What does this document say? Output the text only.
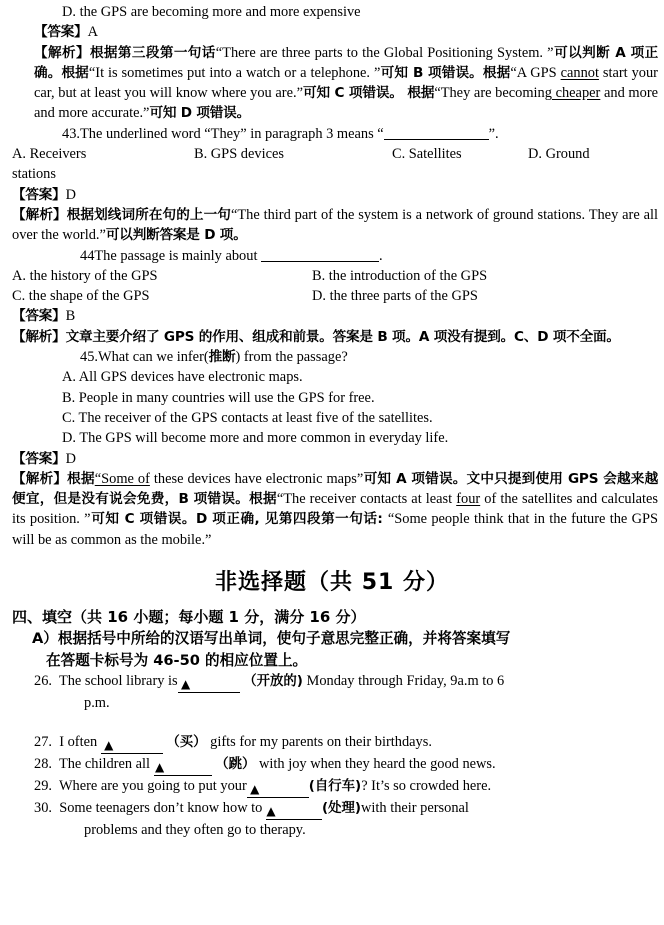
D. the GPS are becoming more and more expensive
【答案】A
【解析】根据第三段第一句话“There are three parts to the Global Positioning System. ”可以判断 A 项正确。根据“It is sometimes put into a watch or a telephone. ”可知 B 项错误。根据“A GPS cannot start your car, but at least you will know where you are.”可知 C 项错误。 根据“They are becoming cheaper and more and more accurate.”可知 D 项错误。
43.The underlined word “They” in paragraph 3 means “	”.
A. Receivers	B. GPS devices	C. Satellites	D. Ground
stations
【答案】D
【解析】根据划线词所在句的上一句“The third part of the system is a network of ground stations. They are all over the world.”可以判断答案是 D 项。
44The passage is mainly about	.
A. the history of the GPS	B. the introduction of the GPS
C. the shape of the GPS	D. the three parts of the GPS
【答案】B
【解析】文章主要介绍了 GPS 的作用、组成和前景。答案是 B 项。A 项没有提到。C、D 项不全面。
45.What can we infer(推断) from the passage?
A. All GPS devices have electronic maps.
B. People in many countries will use the GPS for free.
C. The receiver of the GPS contacts at least five of the satellites.
D. The GPS will become more and more common in everyday life.
【答案】D
【解析】根据“Some of these devices have electronic maps”可知 A 项错误。文中只提到使用 GPS 会越来越便宜，但是没有说会免费，B 项错误。根据“The receiver contacts at least four of the satellites and calculates its position. ”可知 C 项错误。D 项正确, 见第四段第一句话: “Some people think that in the future the GPS will be as common as the mobile.”
非选择题（共 51 分）
四、填空（共 16 小题；每小题 1 分，满分 16 分）
A）根据括号中所给的汉语写出单词，使句子意思完整正确，并将答案填写
在答题卡标号为 46-50 的相应位置上。
26. The school library is ▲	（开放的) Monday through Friday, 9a.m to 6
p.m.
27. I often ▲	（买） gifts for my parents on their birthdays.
28. The children all ▲	（跳） with joy when they heard the good news.
29. Where are you going to put your ▲	(自行车)? It’s so crowded here.
30. Some teenagers don’t know how to ▲	(处理)with their personal
problems and they often go to therapy.
